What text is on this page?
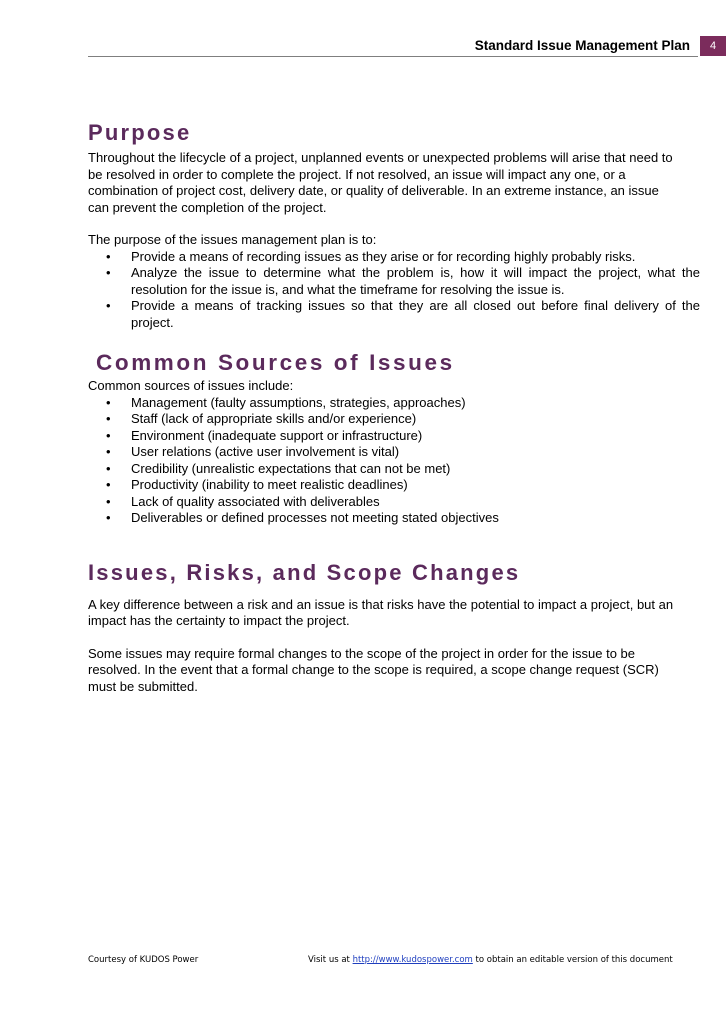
Standard Issue Management Plan	4
Purpose

Throughout the lifecycle of a project, unplanned events or unexpected problems will arise that need to
be resolved in order to complete the project. If not resolved, an issue will impact any one, or a
combination of project cost, delivery date, or quality of deliverable. In an extreme instance, an issue
can prevent the completion of the project.

The purpose of the issues management plan is to:

• Provide a means of recording issues as they arise or for recording highly probably risks.
• Analyze the issue to determine what the problem is, how it will impact the project, what the resolution for the issue is, and what the timeframe for resolving the issue is.
• Provide a means of tracking issues so that they are all closed out before final delivery of the project.
Common Sources of Issues

Common sources of issues include:

• Management (faulty assumptions, strategies, approaches)
• Staff (lack of appropriate skills and/or experience)
• Environment (inadequate support or infrastructure)
• User relations (active user involvement is vital)
• Credibility (unrealistic expectations that can not be met)
• Productivity (inability to meet realistic deadlines)
• Lack of quality associated with deliverables
• Deliverables or defined processes not meeting stated objectives
Issues, Risks, and Scope Changes

A key difference between a risk and an issue is that risks have the potential to impact a project, but an
impact has the certainty to impact the project.

Some issues may require formal changes to the scope of the project in order for the issue to be
resolved. In the event that a formal change to the scope is required, a scope change request (SCR)
must be submitted.

Courtesy of KUDOS Power	Visit us at http://www.kudospower.com to obtain an editable version of this document
